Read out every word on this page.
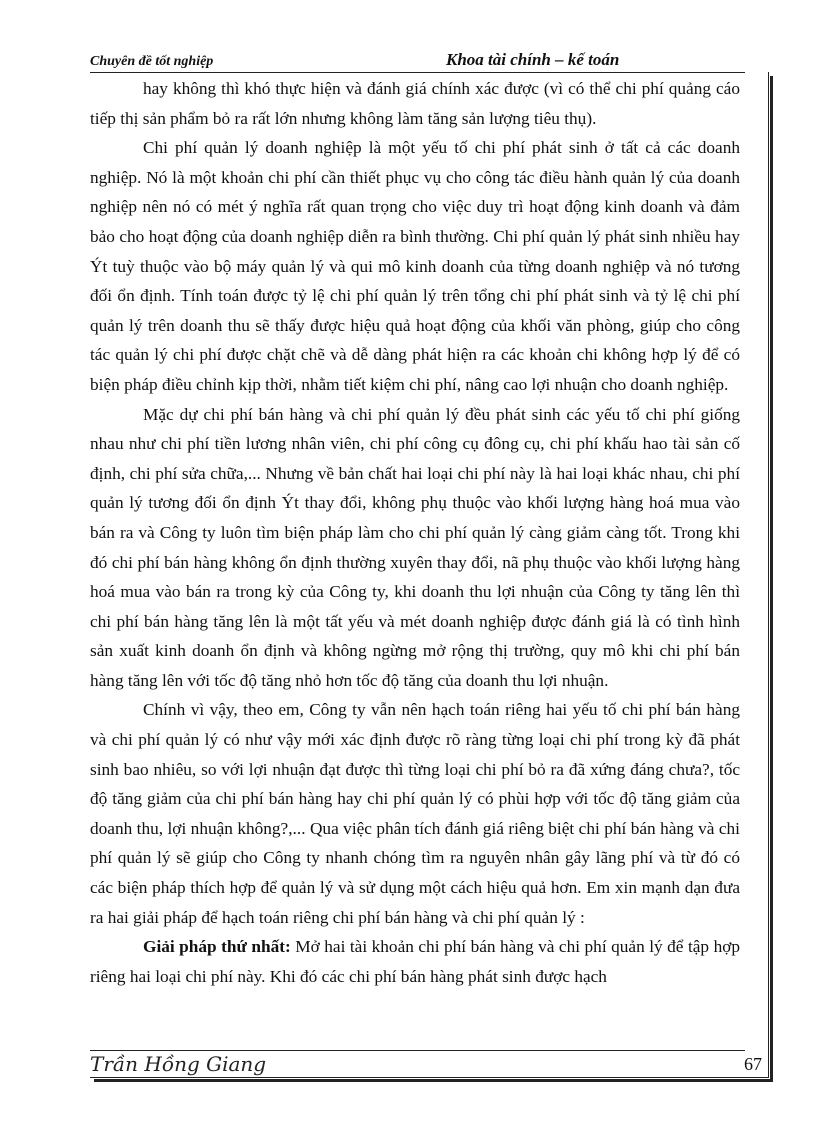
Chuyên đề tốt nghiệp	Khoa tài chính – kế toán

hay không thì khó thực hiện và đánh giá chính xác được (vì có thể chi phí quảng cáo tiếp thị sản phẩm bỏ ra rất lớn nhưng không làm tăng sản lượng tiêu thụ).

Chi phí quản lý doanh nghiệp là một yếu tố chi phí phát sinh ở tất cả các doanh nghiệp. Nó là một khoản chi phí cần thiết phục vụ cho công tác điều hành quản lý của doanh nghiệp nên nó có mét ý nghĩa rất quan trọng cho việc duy trì hoạt động kinh doanh và đảm bảo cho hoạt động của doanh nghiệp diễn ra bình thường. Chi phí quản lý phát sinh nhiều hay Ýt tuỳ thuộc vào bộ máy quản lý và qui mô kinh doanh của từng doanh nghiệp và nó tương đối ổn định. Tính toán được tỷ lệ chi phí quản lý trên tổng chi phí phát sinh và tỷ lệ chi phí quản lý trên doanh thu sẽ thấy được hiệu quả hoạt động của khối văn phòng, giúp cho công tác quản lý chi phí được chặt chẽ và dễ dàng phát hiện ra các khoản chi không hợp lý để có biện pháp điều chỉnh kịp thời, nhằm tiết kiệm chi phí, nâng cao lợi nhuận cho doanh nghiệp.

Mặc dự chi phí bán hàng và chi phí quản lý đều phát sinh các yếu tố chi phí giống nhau như chi phí tiền lương nhân viên, chi phí công cụ đông cụ, chi phí khấu hao tài sản cố định, chi phí sửa chữa,... Nhưng về bản chất hai loại chi phí này là hai loại khác nhau, chi phí quản lý tương đối ổn định Ýt thay đổi, không phụ thuộc vào khối lượng hàng hoá mua vào bán ra và Công ty luôn tìm biện pháp làm cho chi phí quản lý càng giảm càng tốt. Trong khi đó chi phí bán hàng không ổn định thường xuyên thay đổi, nã phụ thuộc vào khối lượng hàng hoá mua vào bán ra trong kỳ của Công ty, khi doanh thu lợi nhuận của Công ty tăng lên thì chi phí bán hàng tăng lên là một tất yếu và mét doanh nghiệp được đánh giá là có tình hình sản xuất kinh doanh ổn định và không ngừng mở rộng thị trường, quy mô khi chi phí bán hàng tăng lên với tốc độ tăng nhỏ hơn tốc độ tăng của doanh thu lợi nhuận.

Chính vì vậy, theo em, Công ty vẫn nên hạch toán riêng hai yếu tố chi phí bán hàng và chi phí quản lý có như vậy mới xác định được rõ ràng từng loại chi phí trong kỳ đã phát sinh bao nhiêu, so với lợi nhuận đạt được thì từng loại chi phí bỏ ra đã xứng đáng chưa?, tốc độ tăng giảm của chi phí bán hàng hay chi phí quản lý có phùi hợp với tốc độ tăng giảm của doanh thu, lợi nhuận không?,... Qua việc phân tích đánh giá riêng biệt chi phí bán hàng và chi phí quản lý sẽ giúp cho Công ty nhanh chóng tìm ra nguyên nhân gây lãng phí và từ đó có các biện pháp thích hợp để quản lý và sử dụng một cách hiệu quả hơn. Em xin mạnh dạn đưa ra hai giải pháp để hạch toán riêng chi phí bán hàng và chi phí quản lý :

Giải pháp thứ nhất: Mở hai tài khoản chi phí bán hàng và chi phí quản lý để tập hợp riêng hai loại chi phí này. Khi đó các chi phí bán hàng phát sinh được hạch

Trần Hồng Giang	67
